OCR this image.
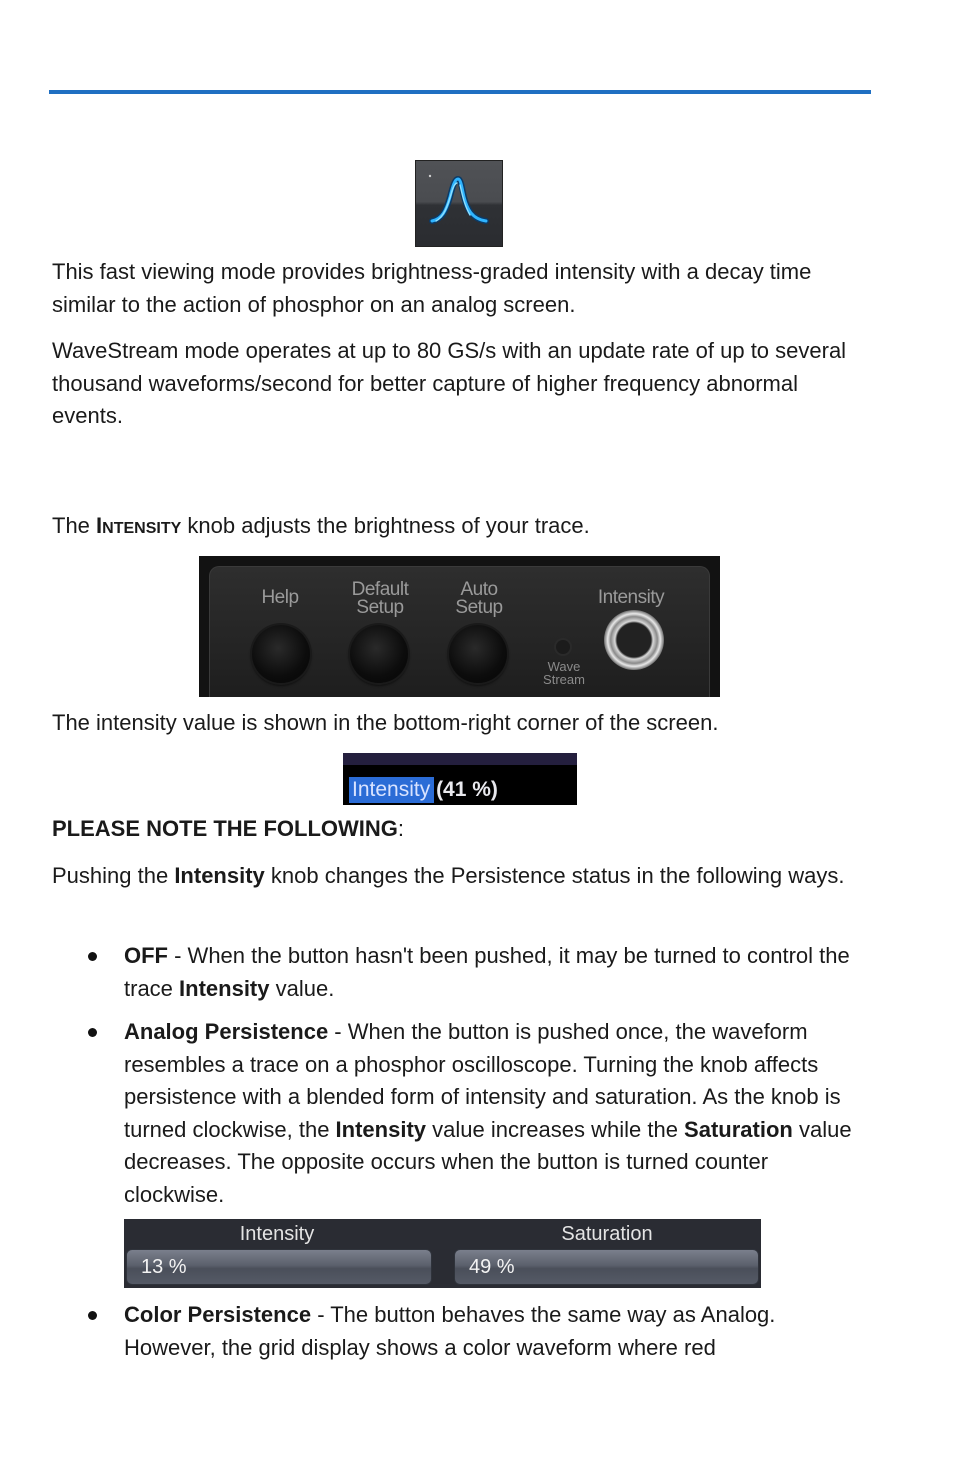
This fast viewing mode provides brightness-graded intensity with a decay time similar to the action of phosphor on an analog screen.

WaveStream mode operates at up to 80 GS/s with an update rate of up to several thousand waveforms/second for better capture of higher frequency abnormal events.

The INTENSITY knob adjusts the brightness of your trace.

Help	Default
Setup
Auto
Setup
Wave
Stream
Intensity

The intensity value is shown in the bottom-right corner of the screen.

Intensity (41 %)

PLEASE NOTE THE FOLLOWING:

Pushing the Intensity knob changes the Persistence status in the following ways.

OFF - When the button hasn't been pushed, it may be turned to control the trace Intensity value.

Analog Persistence - When the button is pushed once, the waveform resembles a trace on a phosphor oscilloscope. Turning the knob affects persistence with a blended form of intensity and saturation. As the knob is turned clockwise, the Intensity value increases while the Saturation value decreases. The opposite occurs when the button is turned counter clockwise.

Intensity
13 %
Saturation
49 %

Color Persistence - The button behaves the same way as Analog. However, the grid display shows a color waveform where red
